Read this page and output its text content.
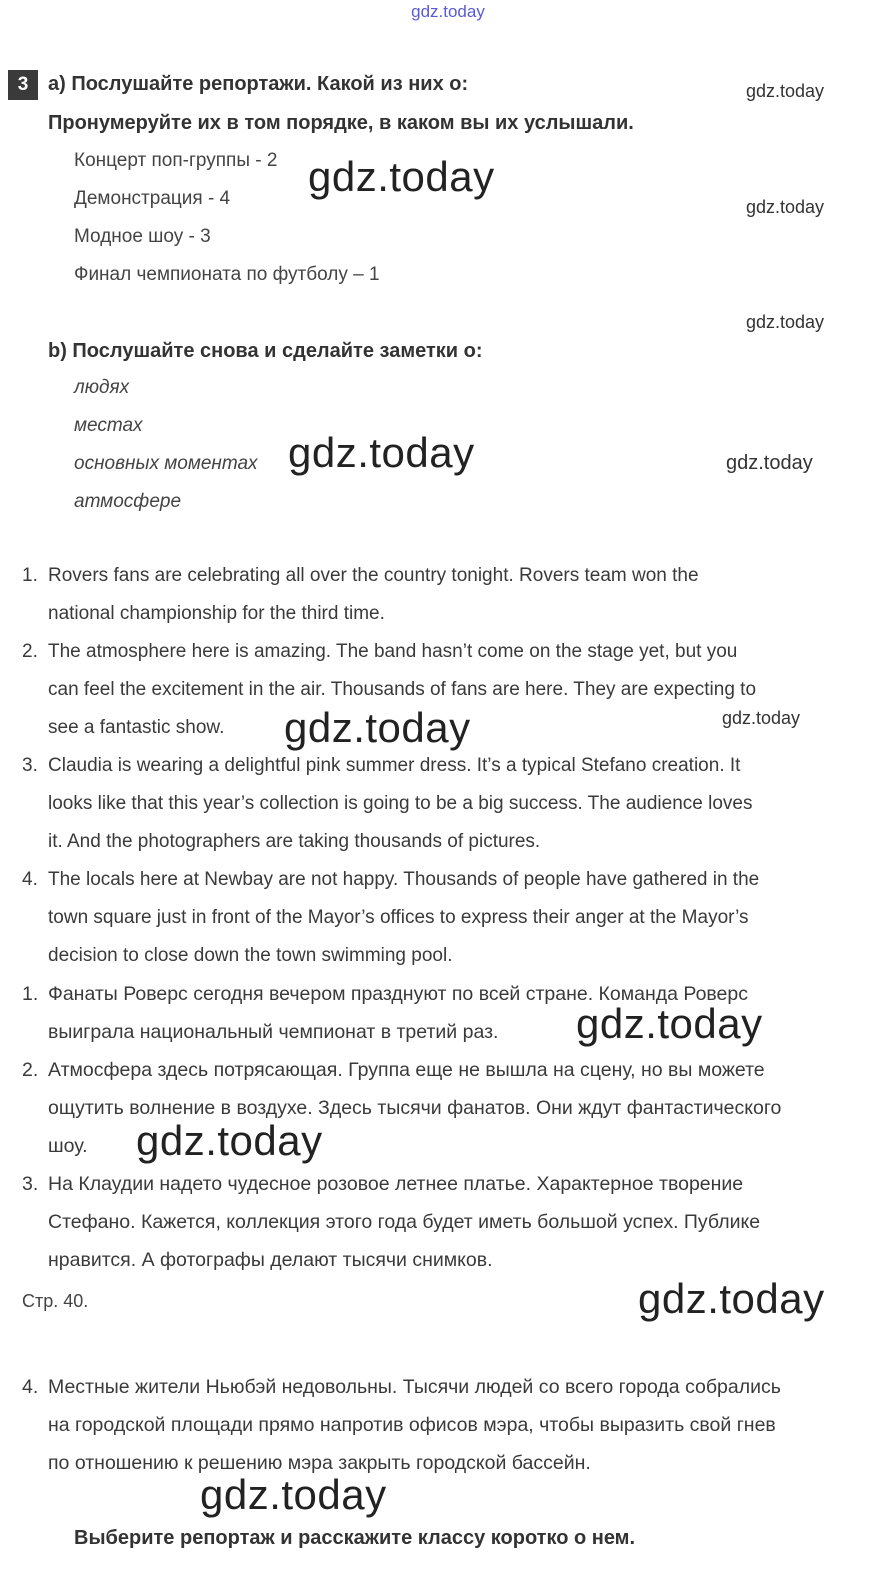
gdz.today
3 a) Послушайте репортажи. Какой из них о:
Пронумеруйте их в том порядке, в каком вы их услышали.
Концерт поп-группы - 2
Демонстрация - 4
Модное шоу - 3
Финал чемпионата по футболу – 1
b) Послушайте снова и сделайте заметки о:
людях
местах
основных моментах
атмосфере
gdz.today
gdz.today
gdz.today
gdz.today
gdz.today
gdz.today
gdz.today
gdz.today
gdz.today
gdz.today
gdz.today
gdz.today
1. Rovers fans are celebrating all over the country tonight. Rovers team won the
national championship for the third time.
2. The atmosphere here is amazing. The band hasn’t come on the stage yet, but you
can feel the excitement in the air. Thousands of fans are here. They are expecting to
see a fantastic show.
3. Claudia is wearing a delightful pink summer dress. It’s a typical Stefano creation. It
looks like that this year’s collection is going to be a big success. The audience loves
it. And the photographers are taking thousands of pictures.
4. The locals here at Newbay are not happy. Thousands of people have gathered in the
town square just in front of the Mayor’s offices to express their anger at the Mayor’s
decision to close down the town swimming pool.
1. Фанаты Роверс сегодня вечером празднуют по всей стране. Команда Роверс
выиграла национальный чемпионат в третий раз.
2. Атмосфера здесь потрясающая. Группа еще не вышла на сцену, но вы можете
ощутить волнение в воздухе. Здесь тысячи фанатов. Они ждут фантастического
шоу.
3. На Клаудии надето чудесное розовое летнее платье. Характерное творение
Стефано. Кажется, коллекция этого года будет иметь большой успех. Публике
нравится. А фотографы делают тысячи снимков.
Стр. 40.
4. Местные жители Ньюбэй недовольны. Тысячи людей со всего города собрались
на городской площади прямо напротив офисов мэра, чтобы выразить свой гнев
по отношению к решению мэра закрыть городской бассейн.
Выберите репортаж и расскажите классу коротко о нем.
